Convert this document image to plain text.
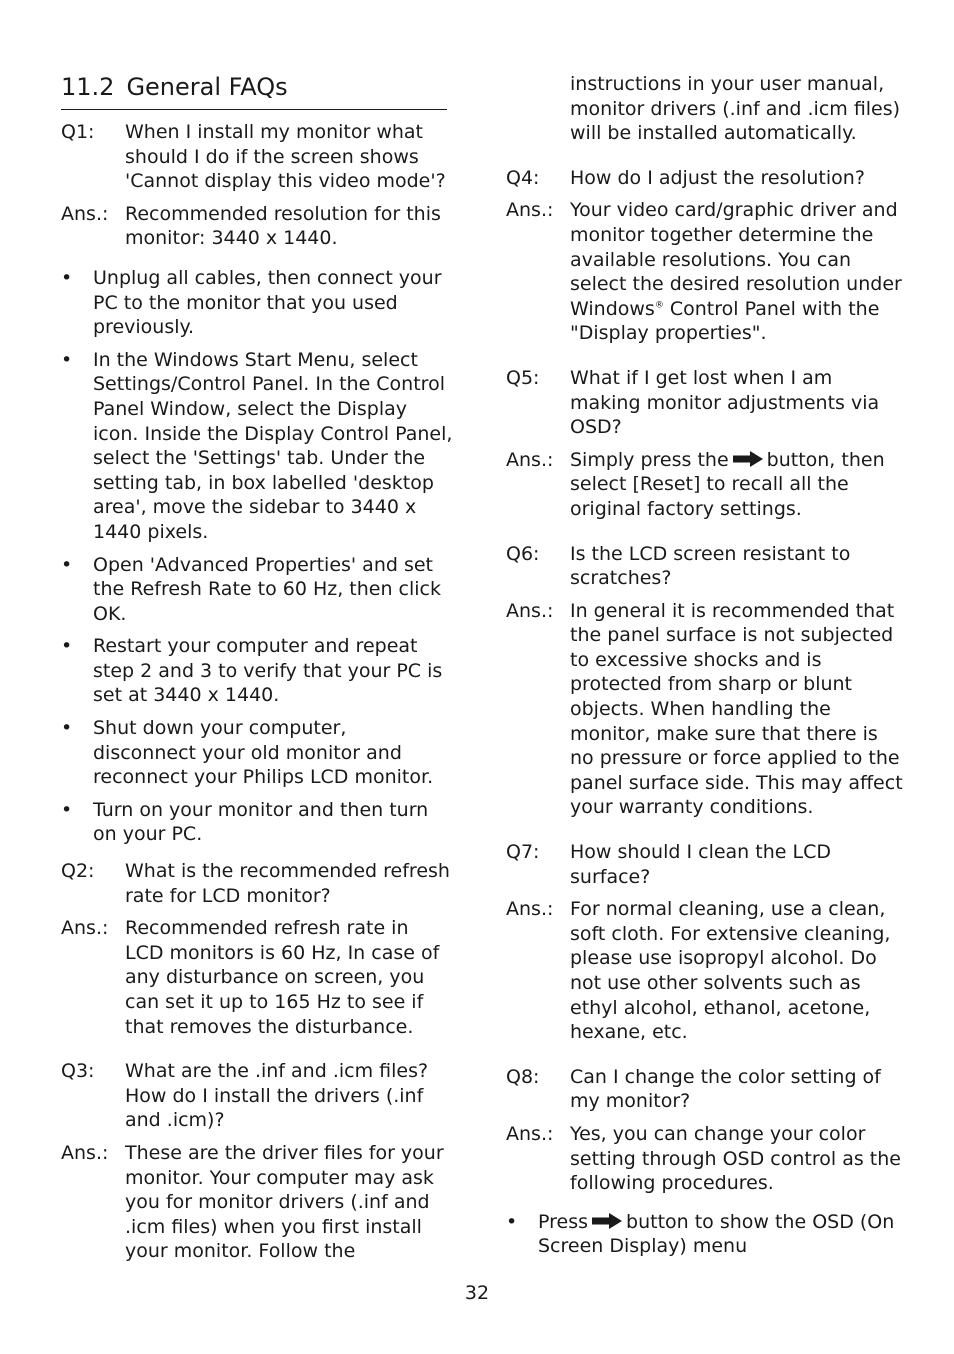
11.2 General FAQs
Q1:	When I install my monitor what should I do if the screen shows 'Cannot display this video mode'?
Ans.: Recommended resolution for this monitor: 3440 x 1440.
•	Unplug all cables, then connect your PC to the monitor that you used previously.
•	In the Windows Start Menu, select Settings/Control Panel. In the Control Panel Window, select the Display icon. Inside the Display Control Panel, select the 'Settings' tab. Under the setting tab, in box labelled 'desktop area', move the sidebar to 3440 x 1440 pixels.
•	Open 'Advanced Properties' and set the Refresh Rate to 60 Hz, then click OK.
•	Restart your computer and repeat step 2 and 3 to verify that your PC is set at 3440 x 1440.
•	Shut down your computer, disconnect your old monitor and reconnect your Philips LCD monitor.
•	Turn on your monitor and then turn on your PC.
Q2:	What is the recommended refresh rate for LCD monitor?
Ans.: Recommended refresh rate in LCD monitors is 60 Hz, In case of any disturbance on screen, you can set it up to 165 Hz to see if that removes the disturbance.
Q3:	What are the .inf and .icm files? How do I install the drivers (.inf and .icm)?
Ans.: These are the driver files for your monitor. Your computer may ask you for monitor drivers (.inf and .icm files) when you first install your monitor. Follow the
instructions in your user manual, monitor drivers (.inf and .icm files) will be installed automatically.
Q4:	How do I adjust the resolution?
Ans.: Your video card/graphic driver and monitor together determine the available resolutions. You can select the desired resolution under Windows® Control Panel with the "Display properties".
Q5:	What if I get lost when I am making monitor adjustments via OSD?
Ans.: Simply press the button, then select [Reset] to recall all the original factory settings.
Q6:	Is the LCD screen resistant to scratches?
Ans.: In general it is recommended that the panel surface is not subjected to excessive shocks and is protected from sharp or blunt objects. When handling the monitor, make sure that there is no pressure or force applied to the panel surface side. This may affect your warranty conditions.
Q7:	How should I clean the LCD surface?
Ans.: For normal cleaning, use a clean, soft cloth. For extensive cleaning, please use isopropyl alcohol. Do not use other solvents such as ethyl alcohol, ethanol, acetone, hexane, etc.
Q8:	Can I change the color setting of my monitor?
Ans.: Yes, you can change your color setting through OSD control as the following procedures.
•	Press button to show the OSD (On Screen Display) menu
32
